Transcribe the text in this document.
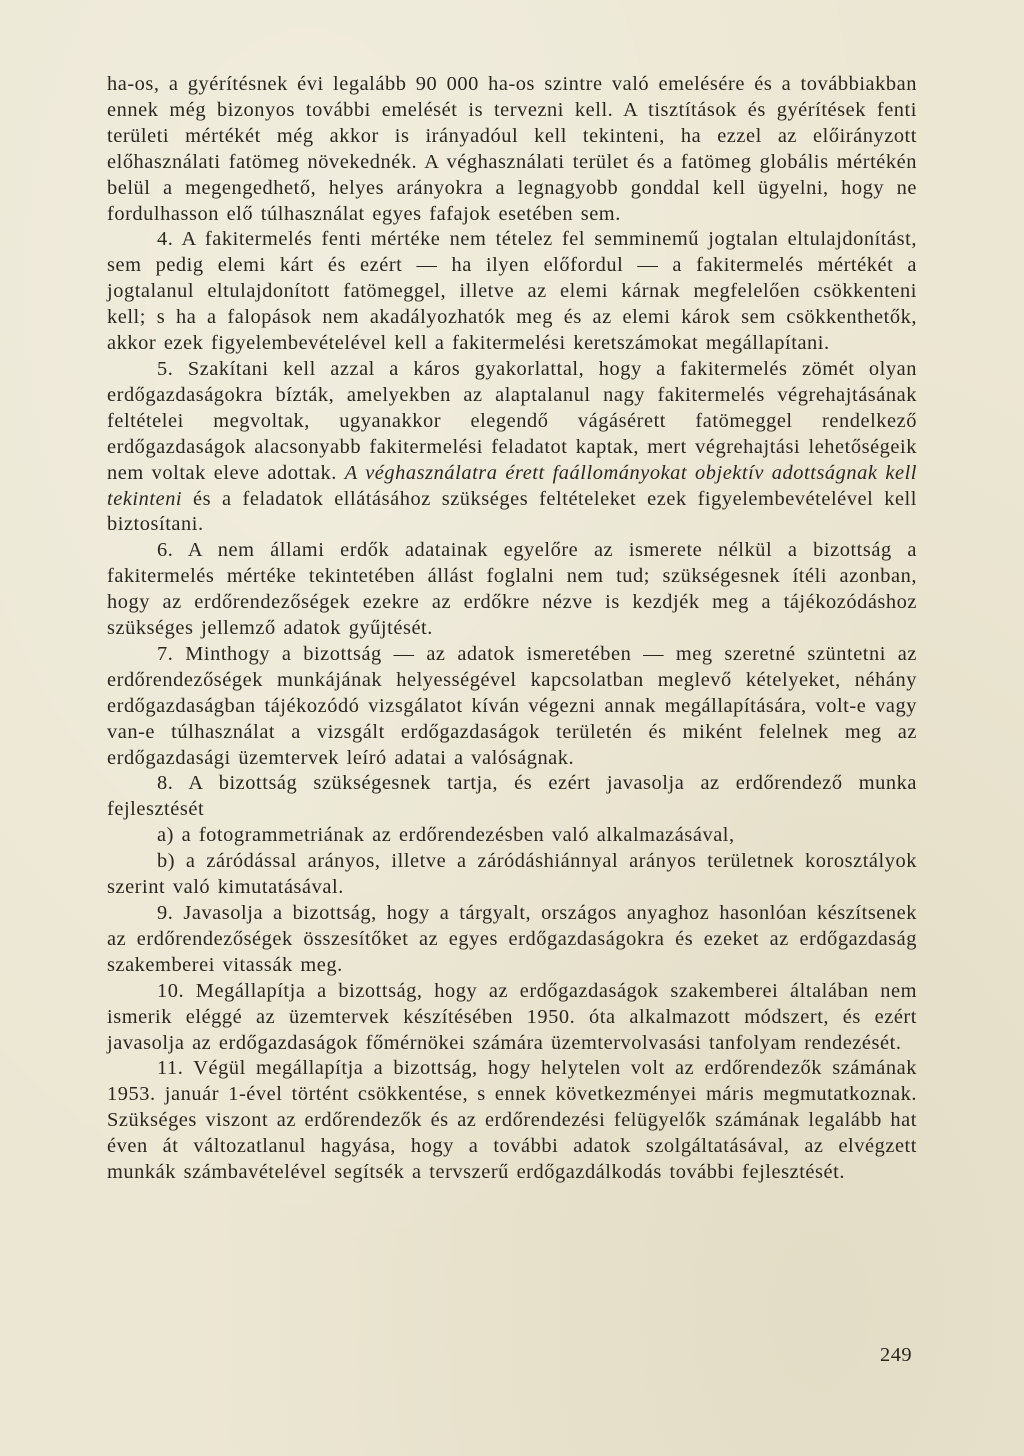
ha-os, a gyérítésnek évi legalább 90 000 ha-os szintre való emelésére és a továbbiakban ennek még bizonyos további emelését is tervezni kell. A tisztítások és gyérítések fenti területi mértékét még akkor is irányadóul kell tekinteni, ha ezzel az előirányzott előhasználati fatömeg növekednék. A véghasználati terület és a fatömeg globális mértékén belül a megengedhető, helyes arányokra a legnagyobb gonddal kell ügyelni, hogy ne fordulhasson elő túlhasználat egyes fafajok esetében sem.

4. A fakitermelés fenti mértéke nem tételez fel semminemű jogtalan eltulajdonítást, sem pedig elemi kárt és ezért — ha ilyen előfordul — a fakitermelés mértékét a jogtalanul eltulajdonított fatömeggel, illetve az elemi kárnak megfelelően csökkenteni kell; s ha a falopások nem akadályozhatók meg és az elemi károk sem csökkenthetők, akkor ezek figyelembevételével kell a fakitermelési keretszámokat megállapítani.

5. Szakítani kell azzal a káros gyakorlattal, hogy a fakitermelés zömét olyan erdőgazdaságokra bízták, amelyekben az alaptalanul nagy fakitermelés végrehajtásának feltételei megvoltak, ugyanakkor elegendő vágásérett fatömeggel rendelkező erdőgazdaságok alacsonyabb fakitermelési feladatot kaptak, mert végrehajtási lehetőségeik nem voltak eleve adottak. A véghasználatra érett faállományokat objektív adottságnak kell tekinteni és a feladatok ellátásához szükséges feltételeket ezek figyelembevételével kell biztosítani.

6. A nem állami erdők adatainak egyelőre az ismerete nélkül a bizottság a fakitermelés mértéke tekintetében állást foglalni nem tud; szükségesnek ítéli azonban, hogy az erdőrendezőségek ezekre az erdőkre nézve is kezdjék meg a tájékozódáshoz szükséges jellemző adatok gyűjtését.

7. Minthogy a bizottság — az adatok ismeretében — meg szeretné szüntetni az erdőrendezőségek munkájának helyességével kapcsolatban meglevő kételyeket, néhány erdőgazdaságban tájékozódó vizsgálatot kíván végezni annak megállapítására, volt-e vagy van-e túlhasználat a vizsgált erdőgazdaságok területén és miként felelnek meg az erdőgazdasági üzemtervek leíró adatai a valóságnak.

8. A bizottság szükségesnek tartja, és ezért javasolja az erdőrendező munka fejlesztését

a) a fotogrammetriának az erdőrendezésben való alkalmazásával,

b) a záródással arányos, illetve a záródáshiánnyal arányos területnek korosztályok szerint való kimutatásával.

9. Javasolja a bizottság, hogy a tárgyalt, országos anyaghoz hasonlóan készítsenek az erdőrendezőségek összesítőket az egyes erdőgazdaságokra és ezeket az erdőgazdaság szakemberei vitassák meg.

10. Megállapítja a bizottság, hogy az erdőgazdaságok szakemberei általában nem ismerik eléggé az üzemtervek készítésében 1950. óta alkalmazott módszert, és ezért javasolja az erdőgazdaságok főmérnökei számára üzemtervolvasási tanfolyam rendezését.

11. Végül megállapítja a bizottság, hogy helytelen volt az erdőrendezők számának 1953. január 1-ével történt csökkentése, s ennek következményei máris megmutatkoznak. Szükséges viszont az erdőrendezők és az erdőrendezési felügyelők számának legalább hat éven át változatlanul hagyása, hogy a további adatok szolgáltatásával, az elvégzett munkák számbavételével segítsék a tervszerű erdőgazdálkodás további fejlesztését.

249
